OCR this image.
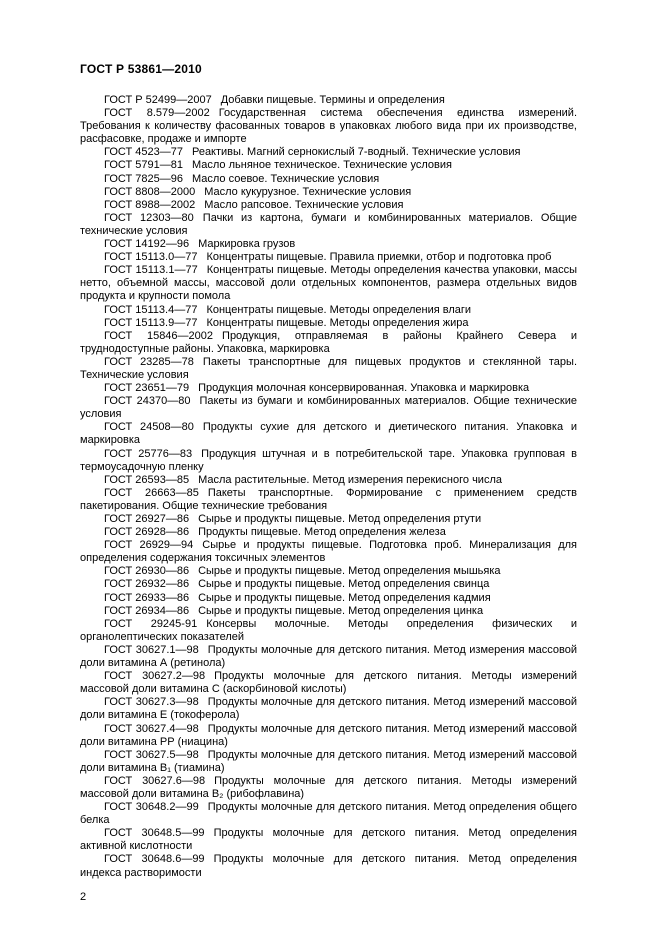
ГОСТ Р 53861—2010

ГОСТ Р 52499—2007 Добавки пищевые. Термины и определения

ГОСТ 8.579—2002 Государственная система обеспечения единства измерений. Требования к количеству фасованных товаров в упаковках любого вида при их производстве, расфасовке, продаже и импорте

ГОСТ 4523—77 Реактивы. Магний сернокислый 7-водный. Технические условия

ГОСТ 5791—81 Масло льняное техническое. Технические условия

ГОСТ 7825—96 Масло соевое. Технические условия

ГОСТ 8808—2000 Масло кукурузное. Технические условия

ГОСТ 8988—2002 Масло рапсовое. Технические условия

ГОСТ 12303—80 Пачки из картона, бумаги и комбинированных материалов. Общие технические условия

ГОСТ 14192—96 Маркировка грузов

ГОСТ 15113.0—77 Концентраты пищевые. Правила приемки, отбор и подготовка проб

ГОСТ 15113.1—77 Концентраты пищевые. Методы определения качества упаковки, массы нетто, объемной массы, массовой доли отдельных компонентов, размера отдельных видов продукта и крупности помола

ГОСТ 15113.4—77 Концентраты пищевые. Методы определения влаги

ГОСТ 15113.9—77 Концентраты пищевые. Методы определения жира

ГОСТ 15846—2002 Продукция, отправляемая в районы Крайнего Севера и труднодоступные районы. Упаковка, маркировка

ГОСТ 23285—78 Пакеты транспортные для пищевых продуктов и стеклянной тары. Технические условия

ГОСТ 23651—79 Продукция молочная консервированная. Упаковка и маркировка

ГОСТ 24370—80 Пакеты из бумаги и комбинированных материалов. Общие технические условия

ГОСТ 24508—80 Продукты сухие для детского и диетического питания. Упаковка и маркировка

ГОСТ 25776—83 Продукция штучная и в потребительской таре. Упаковка групповая в термоусадочную пленку

ГОСТ 26593—85 Масла растительные. Метод измерения перекисного числа

ГОСТ 26663—85 Пакеты транспортные. Формирование с применением средств пакетирования. Общие технические требования

ГОСТ 26927—86 Сырье и продукты пищевые. Метод определения ртути

ГОСТ 26928—86 Продукты пищевые. Метод определения железа

ГОСТ 26929—94 Сырье и продукты пищевые. Подготовка проб. Минерализация для определения содержания токсичных элементов

ГОСТ 26930—86 Сырье и продукты пищевые. Метод определения мышьяка

ГОСТ 26932—86 Сырье и продукты пищевые. Метод определения свинца

ГОСТ 26933—86 Сырье и продукты пищевые. Метод определения кадмия

ГОСТ 26934—86 Сырье и продукты пищевые. Метод определения цинка

ГОСТ 29245-91 Консервы молочные. Методы определения физических и органолептических показателей

ГОСТ 30627.1—98 Продукты молочные для детского питания. Метод измерения массовой доли витамина А (ретинола)

ГОСТ 30627.2—98 Продукты молочные для детского питания. Методы измерений массовой доли витамина С (аскорбиновой кислоты)

ГОСТ 30627.3—98 Продукты молочные для детского питания. Метод измерений массовой доли витамина Е (токоферола)

ГОСТ 30627.4—98 Продукты молочные для детского питания. Метод измерений массовой доли витамина РР (ниацина)

ГОСТ 30627.5—98 Продукты молочные для детского питания. Метод измерений массовой доли витамина В₁ (тиамина)

ГОСТ 30627.6—98 Продукты молочные для детского питания. Методы измерений массовой доли витамина В₂ (рибофлавина)

ГОСТ 30648.2—99 Продукты молочные для детского питания. Метод определения общего белка

ГОСТ 30648.5—99 Продукты молочные для детского питания. Метод определения активной кислотности

ГОСТ 30648.6—99 Продукты молочные для детского питания. Метод определения индекса растворимости

2
